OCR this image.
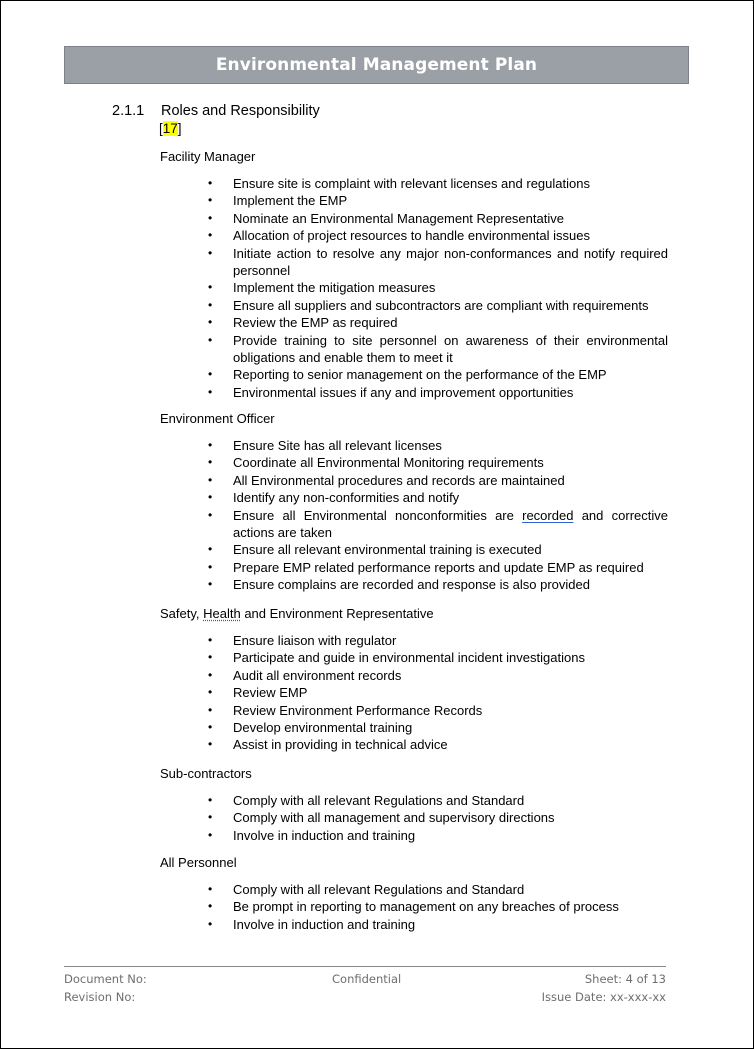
Environmental Management Plan
2.1.1	Roles and Responsibility
[17]
Facility Manager
• Ensure site is complaint with relevant licenses and regulations
• Implement the EMP
• Nominate an Environmental Management Representative
• Allocation of project resources to handle environmental issues
• Initiate action to resolve any major non-conformances and notify required personnel
• Implement the mitigation measures
• Ensure all suppliers and subcontractors are compliant with requirements
• Review the EMP as required
• Provide training to site personnel on awareness of their environmental obligations and enable them to meet it
• Reporting to senior management on the performance of the EMP
• Environmental issues if any and improvement opportunities
Environment Officer
• Ensure Site has all relevant licenses
• Coordinate all Environmental Monitoring requirements
• All Environmental procedures and records are maintained
• Identify any non-conformities and notify
• Ensure all Environmental nonconformities are recorded and corrective actions are taken
• Ensure all relevant environmental training is executed
• Prepare EMP related performance reports and update EMP as required
• Ensure complains are recorded and response is also provided
Safety, Health and Environment Representative
• Ensure liaison with regulator
• Participate and guide in environmental incident investigations
• Audit all environment records
• Review EMP
• Review Environment Performance Records
• Develop environmental training
• Assist in providing in technical advice
Sub-contractors
• Comply with all relevant Regulations and Standard
• Comply with all management and supervisory directions
• Involve in induction and training
All Personnel
• Comply with all relevant Regulations and Standard
• Be prompt in reporting to management on any breaches of process
• Involve in induction and training
Document No:	Sheet: 4 of 13
Confidential
Revision No:	Issue Date: xx-xxx-xx
